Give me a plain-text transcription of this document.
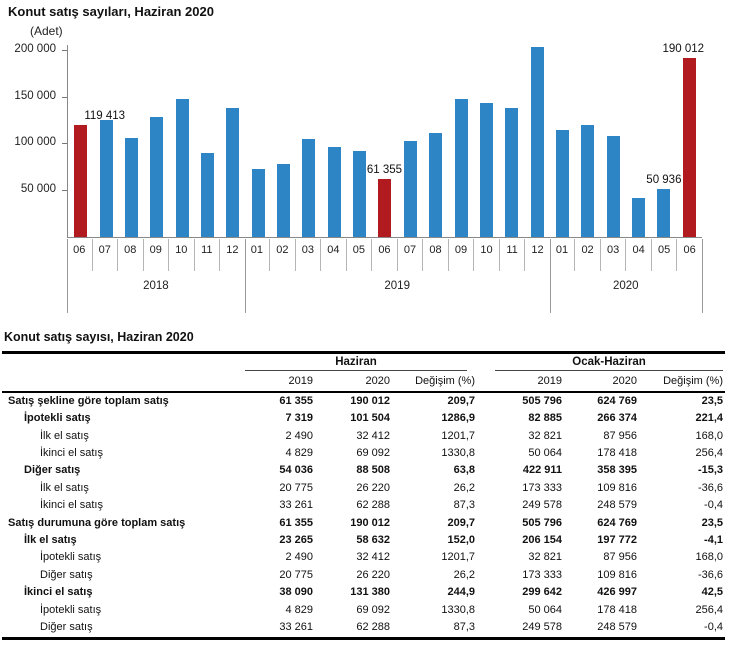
Konut satış sayıları, Haziran 2020
(Adet)
200 000
150 000
100 000
50 000
119 413
61 355
50 936
190 012
06	07	08	09	10	11	12	01	02	03	04	05	06	07	08	09	10	11	12	01	02	03	04	05	06
2018	2019	2020
Konut satış sayısı, Haziran 2020

	Haziran			Ocak-Haziran		

	2019	2020	Değişim (%)	2019	2020	Değişim (%)
Satış şekline göre toplam satış	61 355	190 012	209,7	505 796	624 769	23,5
İpotekli satış	7 319	101 504	1286,9	82 885	266 374	221,4
İlk el satış	2 490	32 412	1201,7	32 821	87 956	168,0
İkinci el satış	4 829	69 092	1330,8	50 064	178 418	256,4
Diğer satış	54 036	88 508	63,8	422 911	358 395	-15,3
İlk el satış	20 775	26 220	26,2	173 333	109 816	-36,6
İkinci el satış	33 261	62 288	87,3	249 578	248 579	-0,4
Satış durumuna göre toplam satış	61 355	190 012	209,7	505 796	624 769	23,5
İlk el satış	23 265	58 632	152,0	206 154	197 772	-4,1
İpotekli satış	2 490	32 412	1201,7	32 821	87 956	168,0
Diğer satış	20 775	26 220	26,2	173 333	109 816	-36,6
İkinci el satış	38 090	131 380	244,9	299 642	426 997	42,5
İpotekli satış	4 829	69 092	1330,8	50 064	178 418	256,4
Diğer satış	33 261	62 288	87,3	249 578	248 579	-0,4
